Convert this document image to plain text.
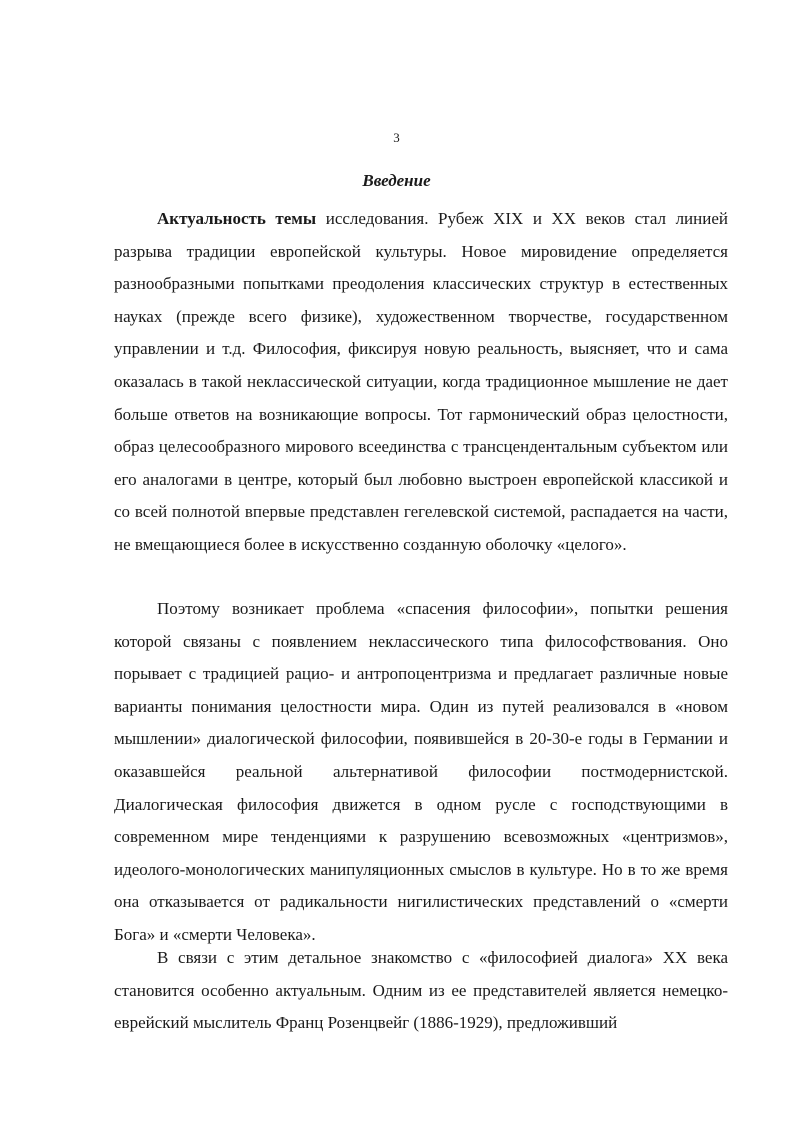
3
Введение

Актуальность темы исследования. Рубеж XIX и XX веков стал линией разрыва традиции европейской культуры. Новое мировидение определяется разнообразными попытками преодоления классических структур в естественных науках (прежде всего физике), художественном творчестве, государственном управлении и т.д. Философия, фиксируя новую реальность, выясняет, что и сама оказалась в такой неклассической ситуации, когда традиционное мышление не дает больше ответов на возникающие вопросы. Тот гармонический образ целостности, образ целесообразного мирового всеединства с трансцендентальным субъектом или его аналогами в центре, который был любовно выстроен европейской классикой и со всей полнотой впервые представлен гегелевской системой, распадается на части, не вмещающиеся более в искусственно созданную оболочку «целого».

Поэтому возникает проблема «спасения философии», попытки решения которой связаны с появлением неклассического типа философствования. Оно порывает с традицией рацио- и антропоцентризма и предлагает различные новые варианты понимания целостности мира. Один из путей реализовался в «новом мышлении» диалогической философии, появившейся в 20-30-е годы в Германии и оказавшейся реальной альтернативой философии постмодернистской. Диалогическая философия движется в одном русле с господствующими в современном мире тенденциями к разрушению всевозможных «центризмов», идеолого-монологических манипуляционных смыслов в культуре. Но в то же время она отказывается от радикальности нигилистических представлений о «смерти Бога» и «смерти Человека».

В связи с этим детальное знакомство с «философией диалога» XX века становится особенно актуальным. Одним из ее представителей является немецко-еврейский мыслитель Франц Розенцвейг (1886-1929), предложивший
